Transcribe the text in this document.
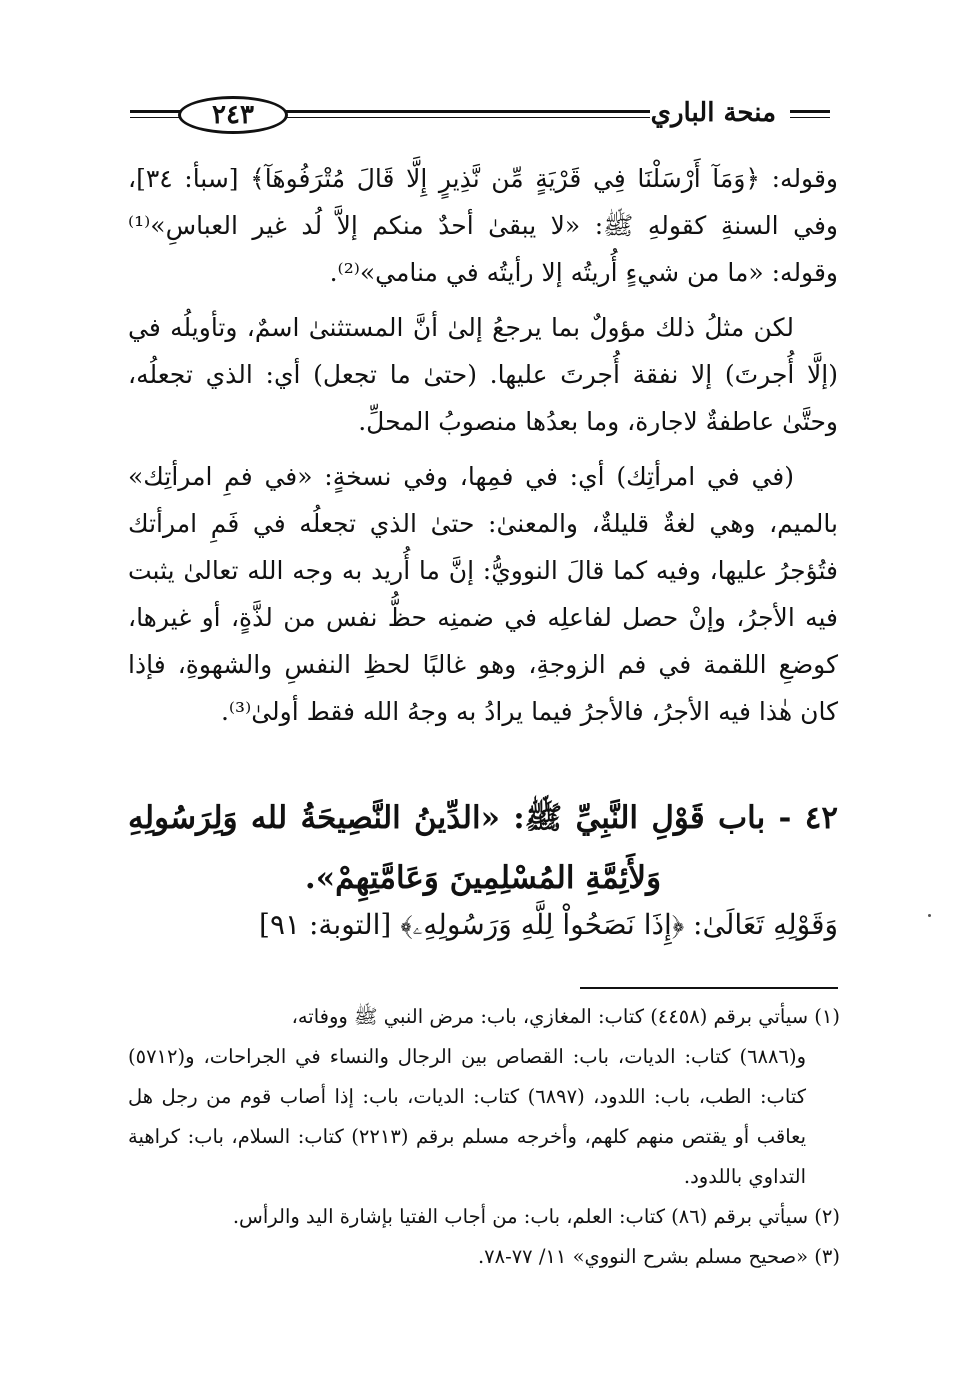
٢٤٣	منحة الباري

وقوله: ﴿وَمَآ أَرْسَلْنَا فِي قَرْيَةٍ مِّن نَّذِيرٍ إِلَّا قَالَ مُتْرَفُوهَآ﴾ [سبأ: ٣٤]، وفي السنةِ كقولهِ ﷺ: «لا يبقىٰ أحدٌ منكم إلاَّ لُد غير العباسِ»⁽¹⁾ وقوله: «ما من شيءٍ أُريتُه إلا رأيتُه في منامي»⁽²⁾.

لكن مثلُ ذلك مؤولٌ بما يرجعُ إلىٰ أنَّ المستثنىٰ اسمٌ، وتأويلُه في (إلَّا أُجرتَ) إلا نفقة أُجرتَ عليها. (حتىٰ ما تجعل) أي: الذي تجعلُه، وحتَّىٰ عاطفةٌ لاجارة، وما بعدُها منصوبُ المحلِّ.

(في في امرأتِك) أي: في فمِها، وفي نسخةٍ: «في فمِ امرأتِك» بالميم، وهي لغةٌ قليلةٌ، والمعنىٰ: حتىٰ الذي تجعلُه في فَمِ امرأتك فتُؤجرُ عليها، وفيه كما قالَ النوويُّ: إنَّ ما أُريد به وجه الله تعالىٰ يثبت فيه الأجرُ، وإنْ حصل لفاعلِه في ضمنِه حظُّ نفس من لذَّةٍ، أو غيرها، كوضعِ اللقمة في فم الزوجةِ، وهو غالبًا لحظِ النفسِ والشهوةِ، فإذا كان هٰذا فيه الأجرُ، فالأجرُ فيما يرادُ به وجهُ الله فقط أولىٰ⁽³⁾.

٤٢ - باب قَوْلِ النَّبِيِّ ﷺ: «الدِّينُ النَّصِيحَةُ لله وَلِرَسُولِهِ وَلأَئِمَّةِ المُسْلِمِينَ وَعَامَّتِهِمْ».
وَقَوْلِهِ تَعَالَىٰ: ﴿إِذَا نَصَحُواْ لِلَّهِ وَرَسُولِهِۦ﴾ [التوبة: ٩١]

(١) سيأتي برقم (٤٤٥٨) كتاب: المغازي، باب: مرض النبي ﷺ ووفاته،

و(٦٨٨٦) كتاب: الديات، باب: القصاص بين الرجال والنساء في الجراحات، و(٥٧١٢) كتاب: الطب، باب: اللدود، (٦٨٩٧) كتاب: الديات، باب: إذا أصاب قوم من رجل هل يعاقب أو يقتص منهم كلهم، وأخرجه مسلم برقم (٢٢١٣) كتاب: السلام، باب: كراهية التداوي باللدود.

(٢) سيأتي برقم (٨٦) كتاب: العلم، باب: من أجاب الفتيا بإشارة اليد والرأس.

(٣) «صحيح مسلم بشرح النووي» ١١/ ٧٧-٧٨.
